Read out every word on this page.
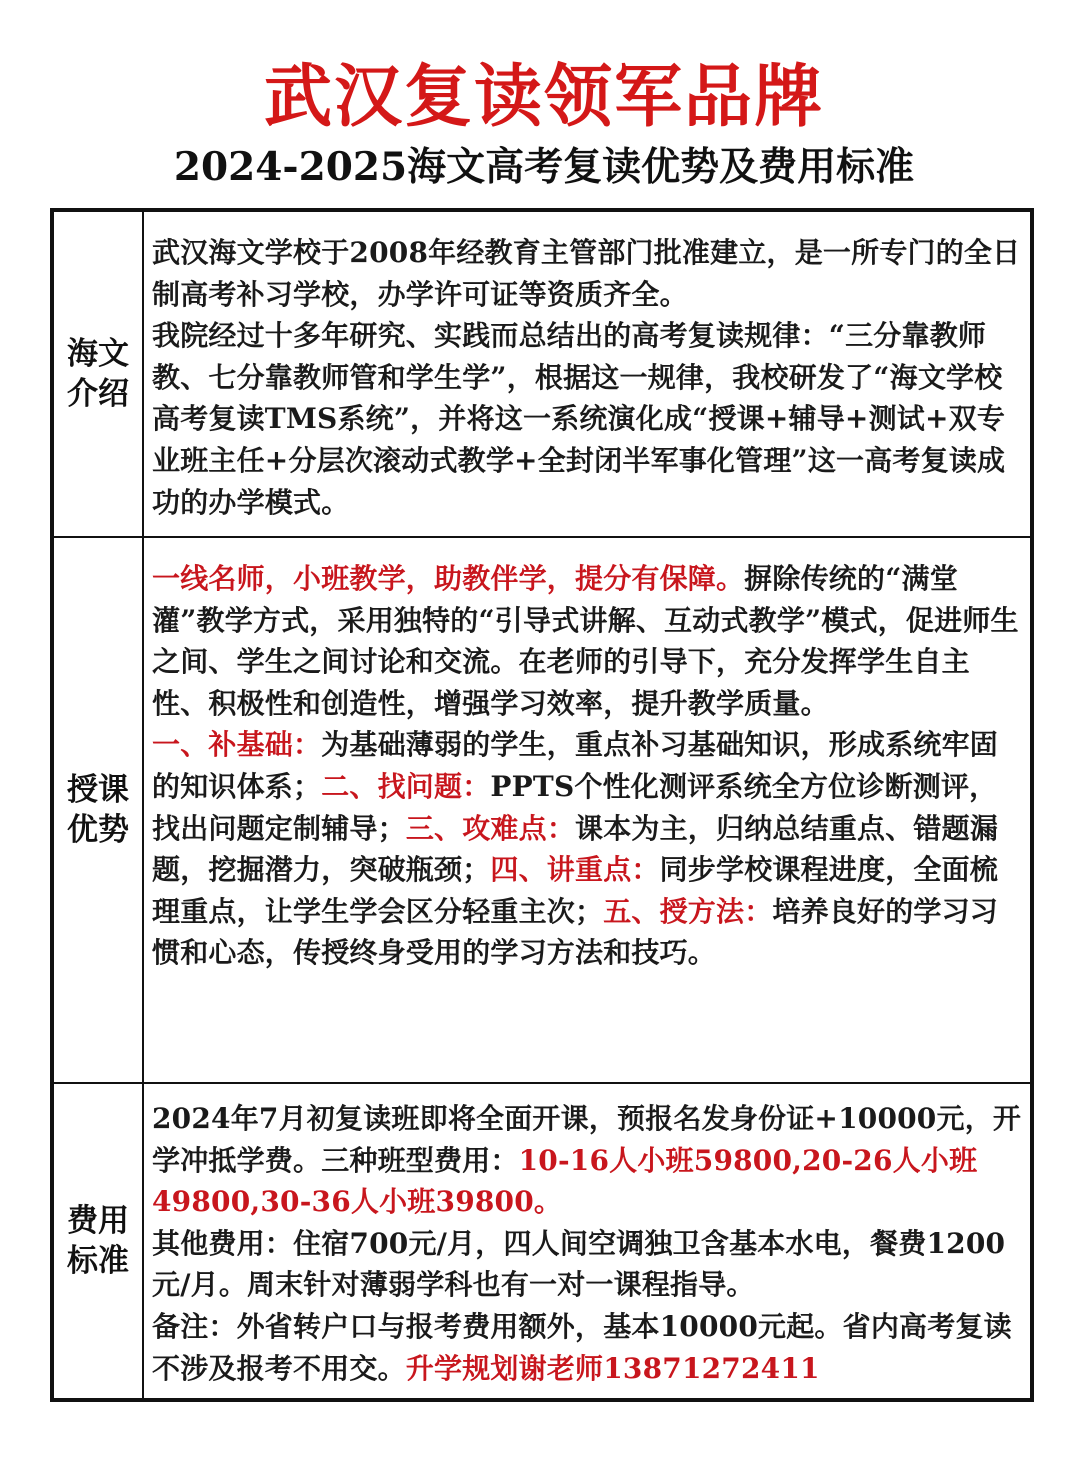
武汉复读领军品牌
2024-2025海文高考复读优势及费用标准
海文介绍

武汉海文学校于2008年经教育主管部门批准建立，是一所专门的全日制高考补习学校，办学许可证等资质齐全。

我院经过十多年研究、实践而总结出的高考复读规律：“三分靠教师教、七分靠教师管和学生学”，根据这一规律，我校研发了“海文学校高考复读TMS系统”，并将这一系统演化成“授课+辅导+测试+双专业班主任+分层次滚动式教学+全封闭半军事化管理”这一高考复读成功的办学模式。

授课优势

一线名师，小班教学，助教伴学，提分有保障。摒除传统的“满堂灌”教学方式，采用独特的“引导式讲解、互动式教学”模式，促进师生之间、学生之间讨论和交流。在老师的引导下，充分发挥学生自主性、积极性和创造性，增强学习效率，提升教学质量。

一、补基础：为基础薄弱的学生，重点补习基础知识，形成系统牢固的知识体系；二、找问题：PPTS个性化测评系统全方位诊断测评，找出问题定制辅导；三、攻难点：课本为主，归纳总结重点、错题漏题，挖掘潜力，突破瓶颈；四、讲重点：同步学校课程进度，全面梳理重点，让学生学会区分轻重主次；五、授方法：培养良好的学习习惯和心态，传授终身受用的学习方法和技巧。

费用标准

2024年7月初复读班即将全面开课，预报名发身份证+10000元，开学冲抵学费。三种班型费用：10-16人小班59800,20-26人小班49800,30-36人小班39800。

其他费用：住宿700元/月，四人间空调独卫含基本水电，餐费1200元/月。周末针对薄弱学科也有一对一课程指导。

备注：外省转户口与报考费用额外，基本10000元起。省内高考复读不涉及报考不用交。升学规划谢老师13871272411
